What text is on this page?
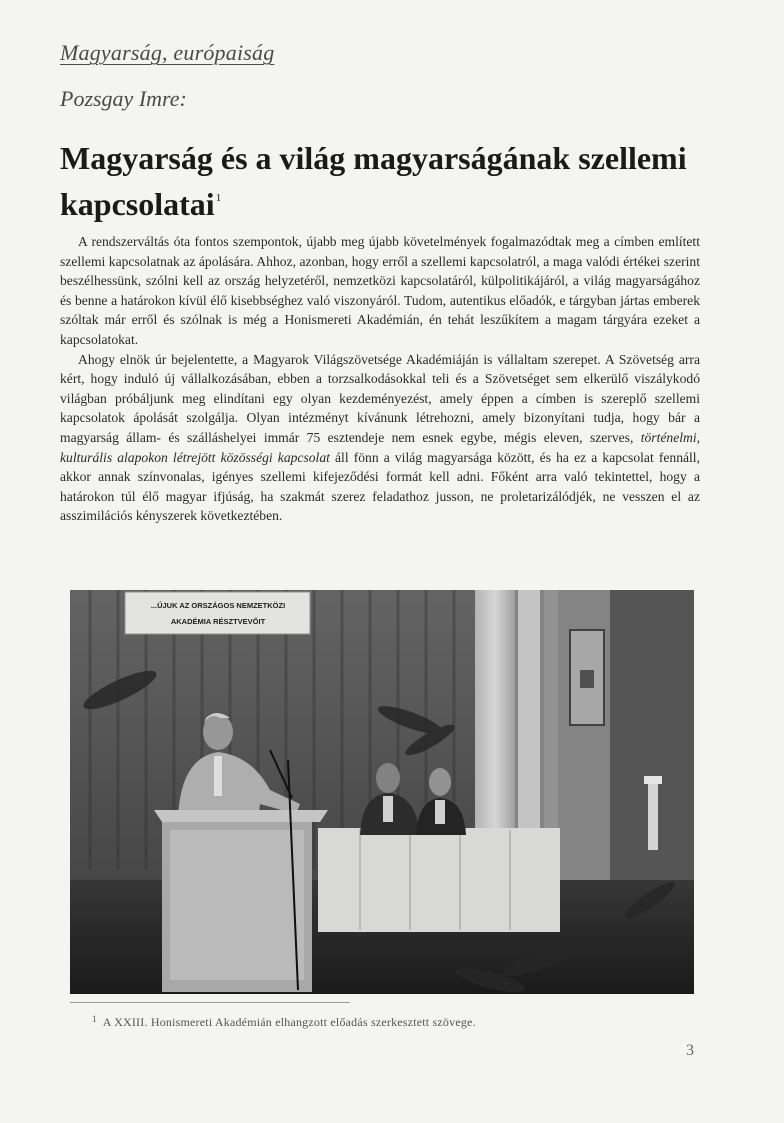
Magyarság, európaiság
Pozsgay Imre:
Magyarság és a világ magyarságának szellemi kapcsolatai$^1$

A rendszerváltás óta fontos szempontok, újabb meg újabb követelmények fogalmazódtak meg a címben említett szellemi kapcsolatnak az ápolására. Ahhoz, azonban, hogy erről a szellemi kapcsolatról, a maga valódi értékei szerint beszélhessünk, szólni kell az ország helyzetéről, nemzetközi kapcsolatáról, külpolitikájáról, a világ magyarságához és benne a határokon kívül élő kisebbséghez való viszonyáról. Tudom, autentikus előadók, e tárgyban jártas emberek szóltak már erről és szólnak is még a Honismereti Akadémián, én tehát leszűkítem a magam tárgyára ezeket a kapcsolatokat.

Ahogy elnök úr bejelentette, a Magyarok Világszövetsége Akadémiáján is vállaltam szerepet. A Szövetség arra kért, hogy induló új vállalkozásában, ebben a torzsalkodásokkal teli és a Szövetséget sem elkerülő viszálykodó világban próbáljunk meg elindítani egy olyan kezdeményezést, amely éppen a címben is szereplő szellemi kapcsolatok ápolását szolgálja. Olyan intézményt kívánunk létrehozni, amely bizonyítani tudja, hogy bár a magyarság állam- és szálláshelyei immár 75 esztendeje nem esnek egybe, mégis eleven, szerves, történelmi, kulturális alapokon létrejött közösségi kapcsolat áll fönn a világ magyarsága között, és ha ez a kapcsolat fennáll, akkor annak színvonalas, igényes szellemi kifejeződési formát kell adni. Főként arra való tekintettel, hogy a határokon túl élő magyar ifjúság, ha szakmát szerez feladathoz jusson, ne proletarizálódjék, ne vesszen el az asszimilációs kényszerek következtében.

...ÚJUK AZ ORSZÁGOS NEMZETKÖZI
AKADÉMIA RÉSZTVEVŐIT
$^1$ A XXIII. Honismereti Akadémián elhangzott előadás szerkesztett szövege.
3
